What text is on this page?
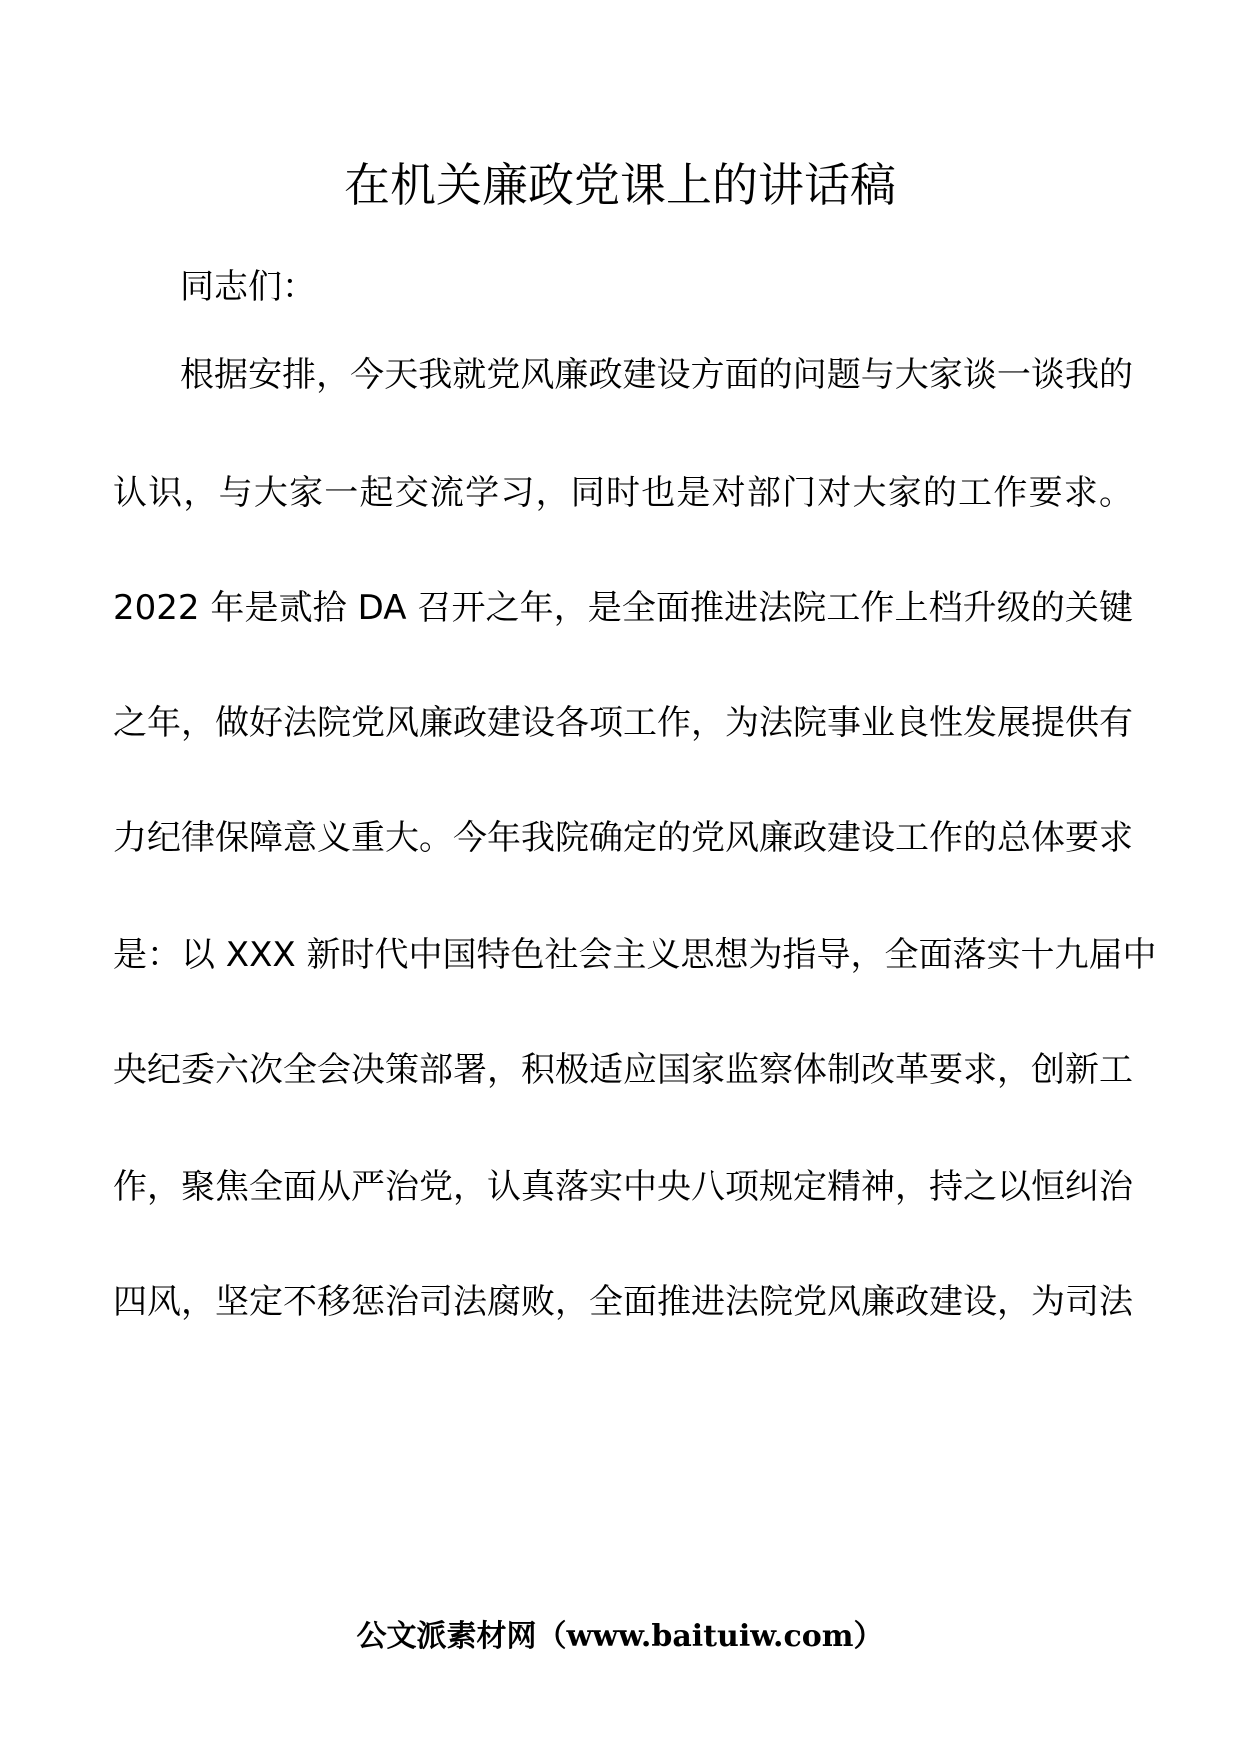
在机关廉政党课上的讲话稿
同志们：
根据安排，今天我就党风廉政建设方面的问题与大家谈一谈我的
认识，与大家一起交流学习，同时也是对部门对大家的工作要求。
2022 年是贰拾 DA 召开之年，是全面推进法院工作上档升级的关键
之年，做好法院党风廉政建设各项工作，为法院事业良性发展提供有
力纪律保障意义重大。今年我院确定的党风廉政建设工作的总体要求
是：以 XXX 新时代中国特色社会主义思想为指导，全面落实十九届中
央纪委六次全会决策部署，积极适应国家监察体制改革要求，创新工
作，聚焦全面从严治党，认真落实中央八项规定精神，持之以恒纠治
四风，坚定不移惩治司法腐败，全面推进法院党风廉政建设，为司法
公文派素材网（www.baituiw.com）
